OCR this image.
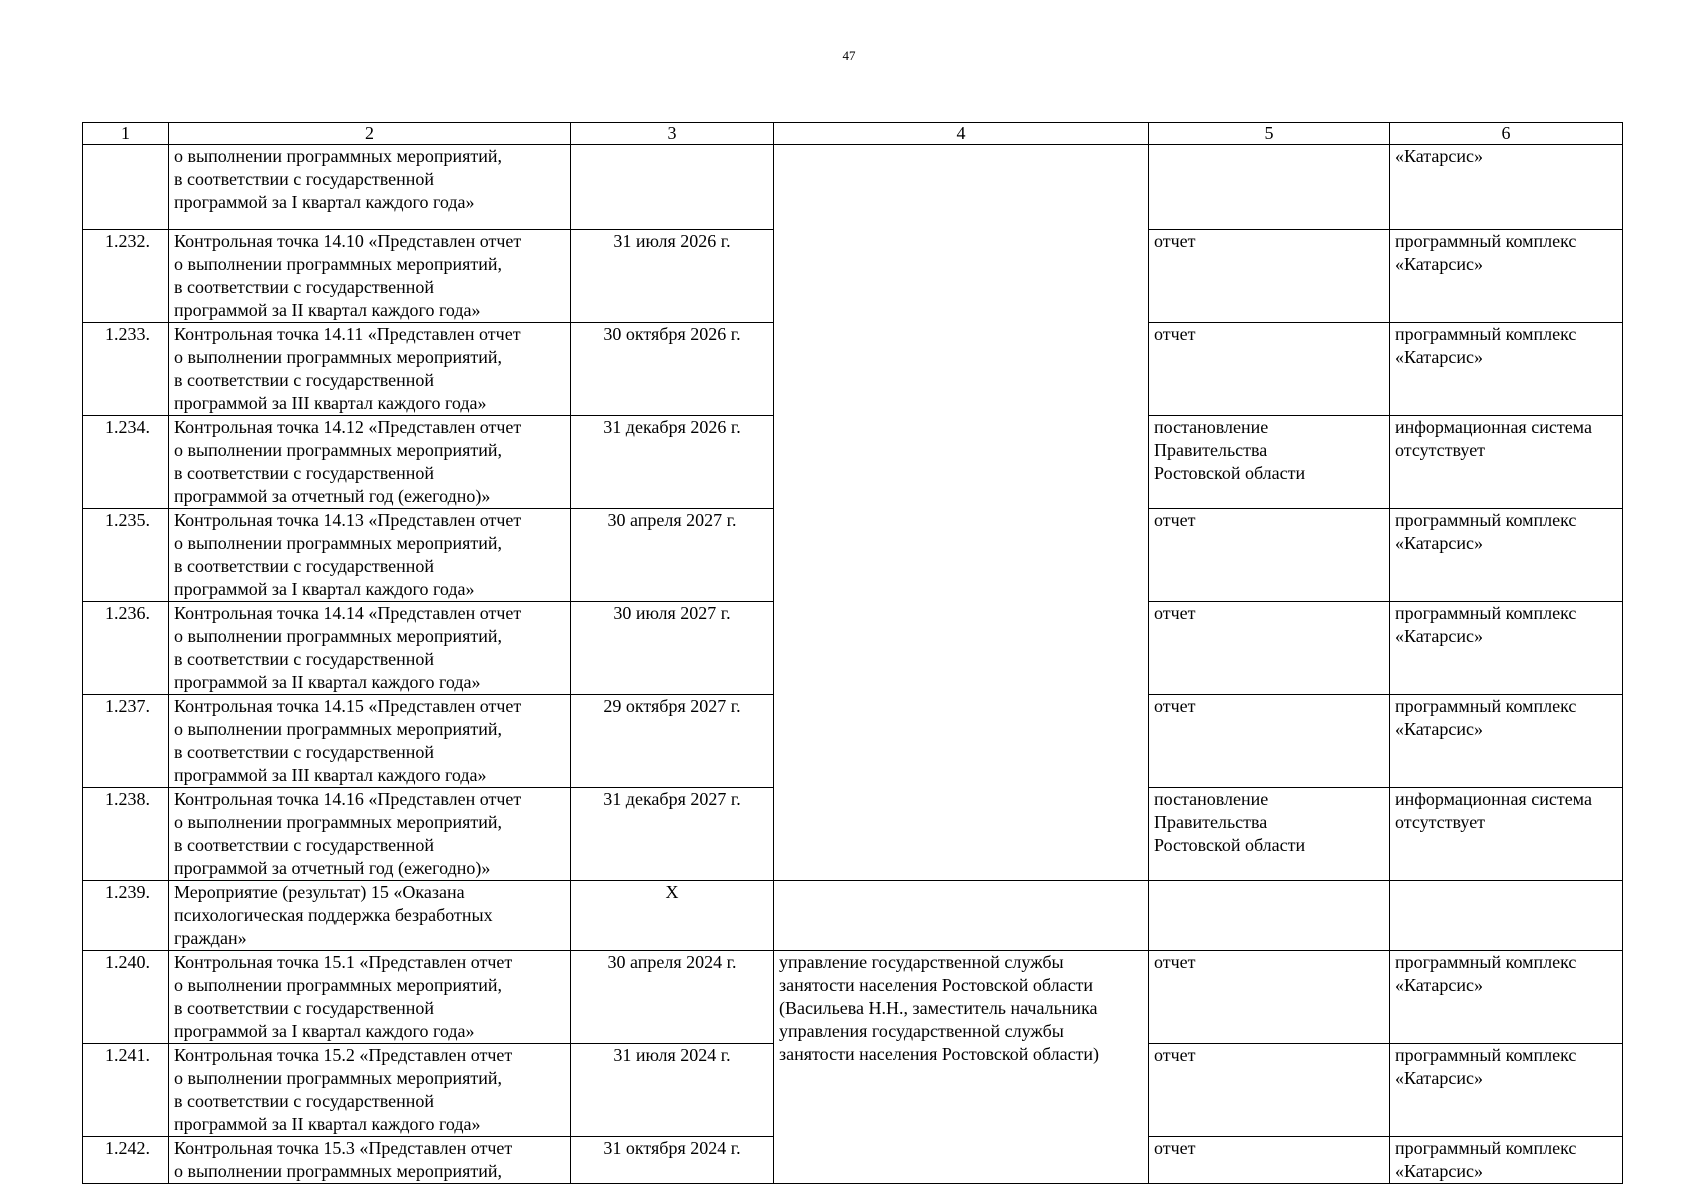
47
1	2	3	4	5	6

	о выполнении программных мероприятий,
в соответствии с государственной
программой за I квартал каждого года»				«Катарсис»

1.232.	Контрольная точка 14.10 «Представлен отчет
о выполнении программных мероприятий,
в соответствии с государственной
программой за II квартал каждого года»	31 июля 2026 г.		отчет	программный комплекс
«Катарсис»

1.233.	Контрольная точка 14.11 «Представлен отчет
о выполнении программных мероприятий,
в соответствии с государственной
программой за III квартал каждого года»	30 октября 2026 г.		отчет	программный комплекс
«Катарсис»

1.234.	Контрольная точка 14.12 «Представлен отчет
о выполнении программных мероприятий,
в соответствии с государственной
программой за отчетный год (ежегодно)»	31 декабря 2026 г.		постановление
Правительства
Ростовской области	информационная система
отсутствует

1.235.	Контрольная точка 14.13 «Представлен отчет
о выполнении программных мероприятий,
в соответствии с государственной
программой за I квартал каждого года»	30 апреля 2027 г.		отчет	программный комплекс
«Катарсис»

1.236.	Контрольная точка 14.14 «Представлен отчет
о выполнении программных мероприятий,
в соответствии с государственной
программой за II квартал каждого года»	30 июля 2027 г.		отчет	программный комплекс
«Катарсис»

1.237.	Контрольная точка 14.15 «Представлен отчет
о выполнении программных мероприятий,
в соответствии с государственной
программой за III квартал каждого года»	29 октября 2027 г.		отчет	программный комплекс
«Катарсис»

1.238.	Контрольная точка 14.16 «Представлен отчет
о выполнении программных мероприятий,
в соответствии с государственной
программой за отчетный год (ежегодно)»	31 декабря 2027 г.		постановление
Правительства
Ростовской области	информационная система
отсутствует

1.239.	Мероприятие (результат) 15 «Оказана
психологическая поддержка безработных
граждан»	Х			
1.240.	Контрольная точка 15.1 «Представлен отчет
о выполнении программных мероприятий,
в соответствии с государственной
программой за I квартал каждого года»	30 апреля 2024 г.	управление государственной службы
занятости населения Ростовской области
(Васильева Н.Н., заместитель начальника
управления государственной службы
занятости населения Ростовской области)	отчет	программный комплекс
«Катарсис»

1.241.	Контрольная точка 15.2 «Представлен отчет
о выполнении программных мероприятий,
в соответствии с государственной
программой за II квартал каждого года»	31 июля 2024 г.		отчет	программный комплекс
«Катарсис»

1.242.	Контрольная точка 15.3 «Представлен отчет
о выполнении программных мероприятий,	31 октября 2024 г.		отчет	программный комплекс
«Катарсис»
